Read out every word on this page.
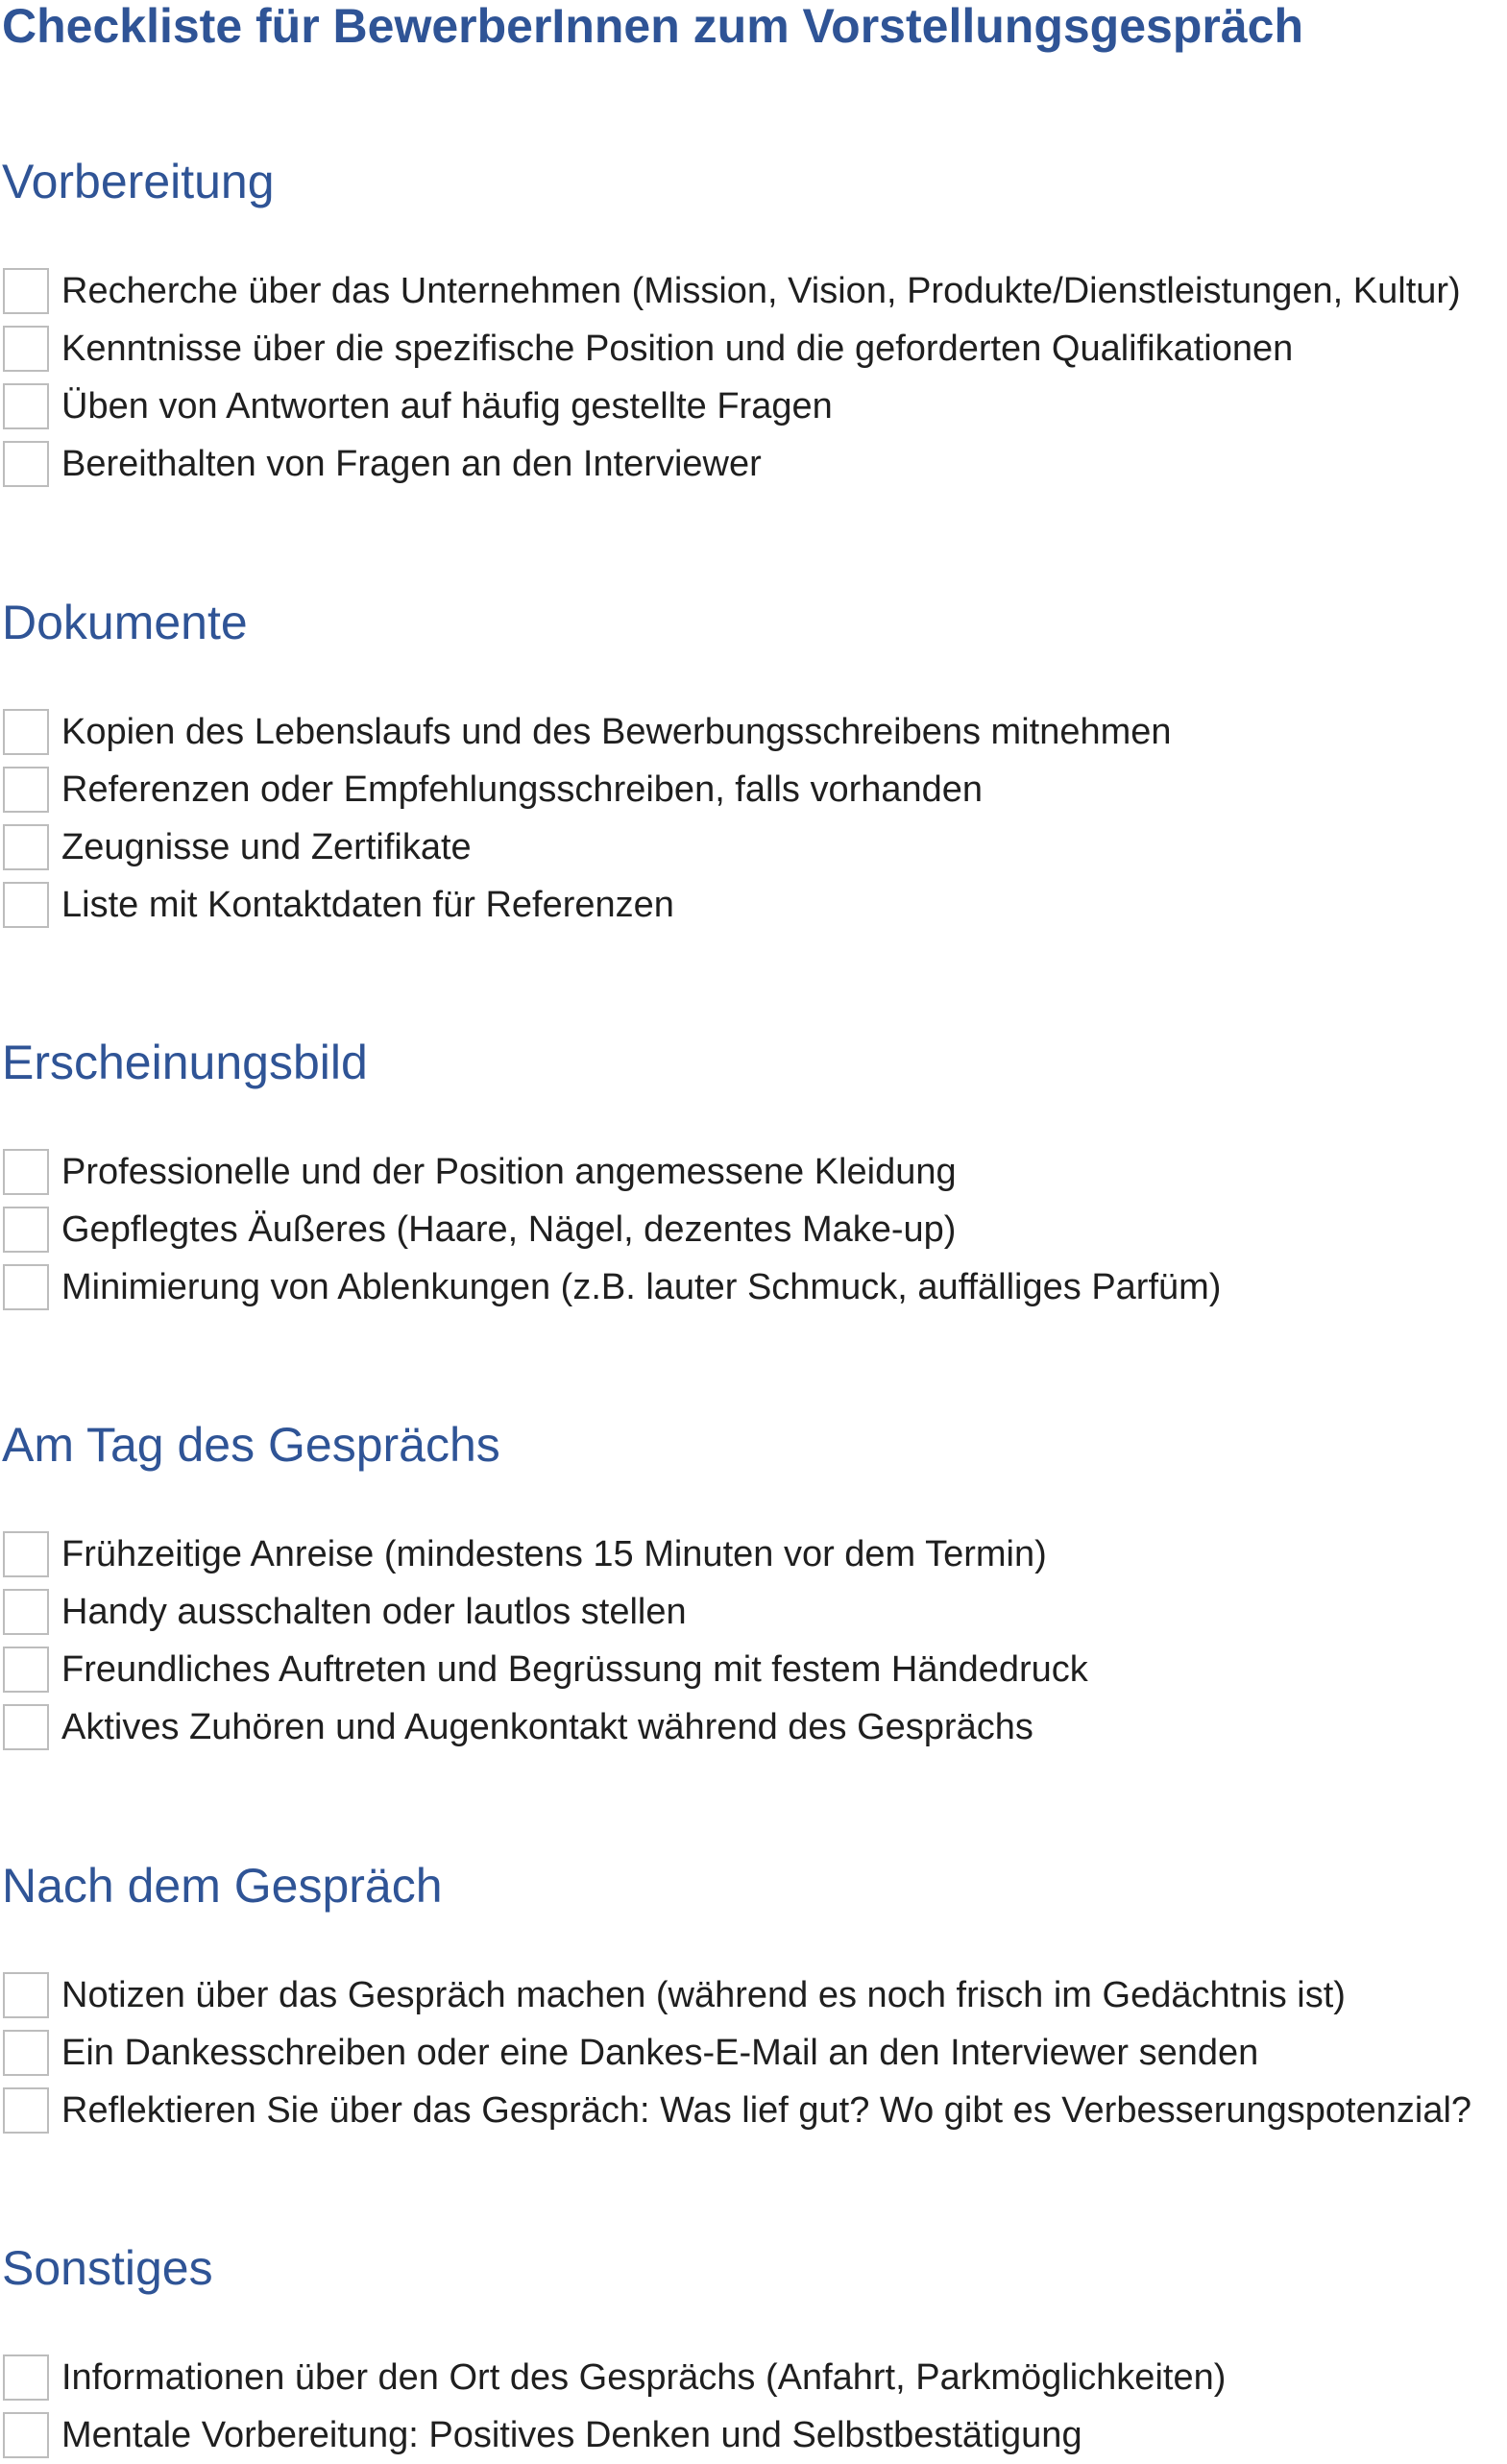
Checkliste für BewerberInnen zum Vorstellungsgespräch
Vorbereitung
Recherche über das Unternehmen (Mission, Vision, Produkte/Dienstleistungen, Kultur)
Kenntnisse über die spezifische Position und die geforderten Qualifikationen
Üben von Antworten auf häufig gestellte Fragen
Bereithalten von Fragen an den Interviewer
Dokumente
Kopien des Lebenslaufs und des Bewerbungsschreibens mitnehmen
Referenzen oder Empfehlungsschreiben, falls vorhanden
Zeugnisse und Zertifikate
Liste mit Kontaktdaten für Referenzen
Erscheinungsbild
Professionelle und der Position angemessene Kleidung
Gepflegtes Äußeres (Haare, Nägel, dezentes Make-up)
Minimierung von Ablenkungen (z.B. lauter Schmuck, auffälliges Parfüm)
Am Tag des Gesprächs
Frühzeitige Anreise (mindestens 15 Minuten vor dem Termin)
Handy ausschalten oder lautlos stellen
Freundliches Auftreten und Begrüssung mit festem Händedruck
Aktives Zuhören und Augenkontakt während des Gesprächs
Nach dem Gespräch
Notizen über das Gespräch machen (während es noch frisch im Gedächtnis ist)
Ein Dankesschreiben oder eine Dankes-E-Mail an den Interviewer senden
Reflektieren Sie über das Gespräch: Was lief gut? Wo gibt es Verbesserungspotenzial?
Sonstiges
Informationen über den Ort des Gesprächs (Anfahrt, Parkmöglichkeiten)
Mentale Vorbereitung: Positives Denken und Selbstbestätigung
